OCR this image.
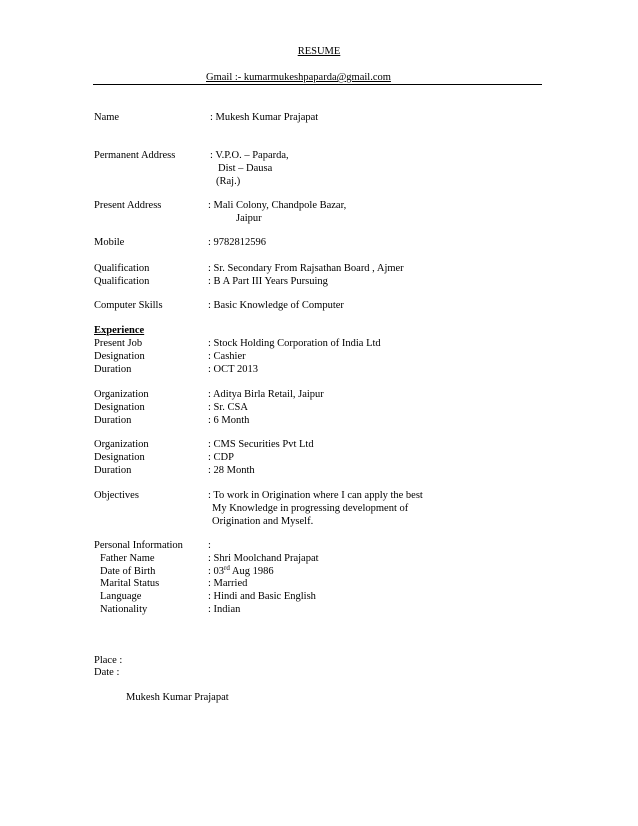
RESUME
Gmail :- kumarmukeshpaparda@gmail.com
Name	: Mukesh Kumar Prajapat
Permanent Address	: V.P.O. – Paparda,
Dist – Dausa
(Raj.)
Present Address	: Mali Colony, Chandpole Bazar,
Jaipur
Mobile	: 9782812596
Qualification	: Sr. Secondary From Rajsathan Board , Ajmer
Qualification	: B A Part III Years Pursuing
Computer Skills	: Basic Knowledge of Computer
Experience
Present Job	: Stock Holding Corporation of India Ltd
Designation	: Cashier
Duration	: OCT 2013
Organization	: Aditya Birla Retail, Jaipur
Designation	: Sr. CSA
Duration	: 6 Month
Organization	: CMS Securities Pvt Ltd
Designation	: CDP
Duration	: 28 Month
Objectives	: To work in Origination where I can apply the best
My Knowledge in progressing development of
Origination and Myself.
Personal Information :
Father Name	: Shri Moolchand Prajapat
Date of Birth	: 03rd Aug 1986
Marital Status	: Married
Language	: Hindi and Basic English
Nationality	: Indian
Place :
Date :
Mukesh Kumar Prajapat
